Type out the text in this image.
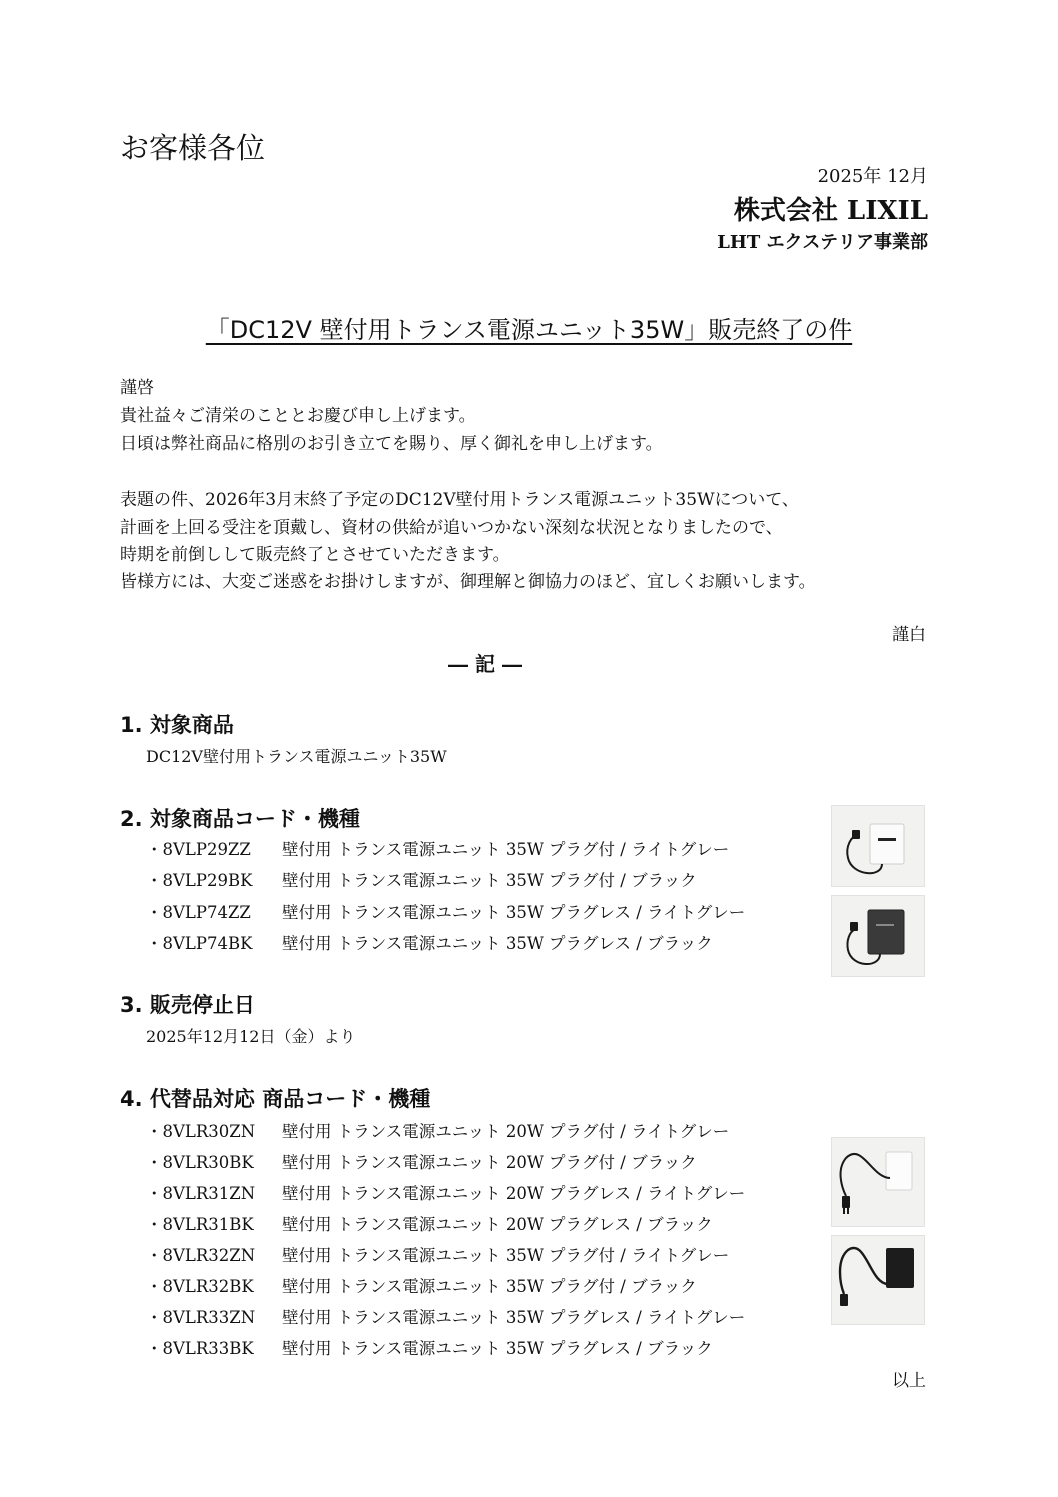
お客様各位
2025年 12月
株式会社 LIXIL
LHT エクステリア事業部
「DC12V 壁付用トランス電源ユニット35W」販売終了の件
謹啓
貴社益々ご清栄のこととお慶び申し上げます。
日頃は弊社商品に格別のお引き立てを賜り、厚く御礼を申し上げます。
表題の件、2026年3月末終了予定のDC12V壁付用トランス電源ユニット35Wについて、
計画を上回る受注を頂戴し、資材の供給が追いつかない深刻な状況となりましたので、
時期を前倒しして販売終了とさせていただきます。
皆様方には、大変ご迷惑をお掛けしますが、御理解と御協力のほど、宜しくお願いします。
謹白
― 記 ―
1. 対象商品
DC12V壁付用トランス電源ユニット35W
2. 対象商品コード・機種
・8VLP29ZZ	壁付用 トランス電源ユニット 35W プラグ付 / ライトグレー
・8VLP29BK	壁付用 トランス電源ユニット 35W プラグ付 / ブラック
・8VLP74ZZ	壁付用 トランス電源ユニット 35W プラグレス / ライトグレー
・8VLP74BK	壁付用 トランス電源ユニット 35W プラグレス / ブラック
3. 販売停止日
2025年12月12日（金）より
4. 代替品対応 商品コード・機種
・8VLR30ZN	壁付用 トランス電源ユニット 20W プラグ付 / ライトグレー
・8VLR30BK	壁付用 トランス電源ユニット 20W プラグ付 / ブラック
・8VLR31ZN	壁付用 トランス電源ユニット 20W プラグレス / ライトグレー
・8VLR31BK	壁付用 トランス電源ユニット 20W プラグレス / ブラック
・8VLR32ZN	壁付用 トランス電源ユニット 35W プラグ付 / ライトグレー
・8VLR32BK	壁付用 トランス電源ユニット 35W プラグ付 / ブラック
・8VLR33ZN	壁付用 トランス電源ユニット 35W プラグレス / ライトグレー
・8VLR33BK	壁付用 トランス電源ユニット 35W プラグレス / ブラック
以上
